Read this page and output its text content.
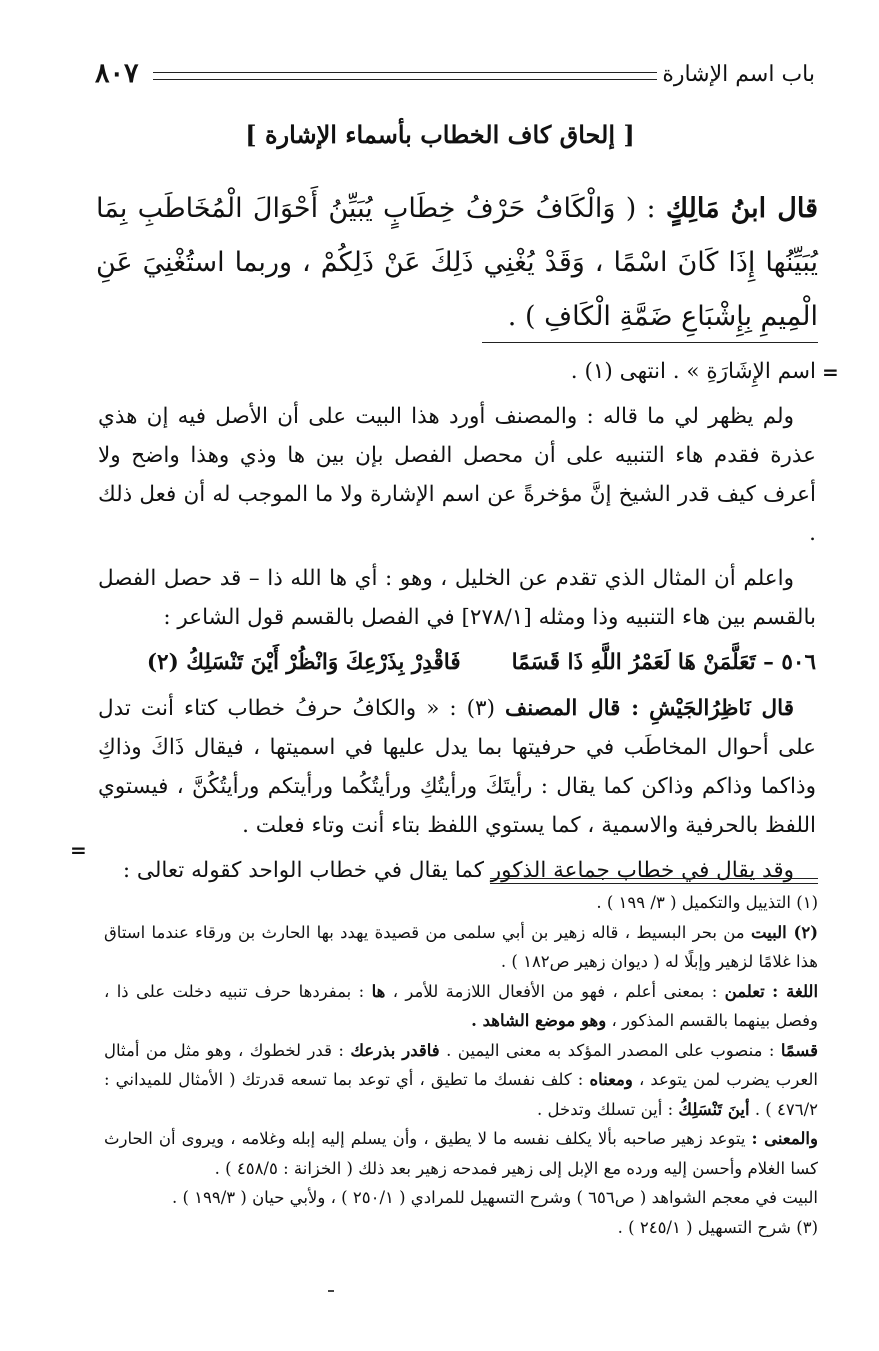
باب اسم الإشارة
٨٠٧
[ إلحاق كاف الخطاب بأسماء الإشارة ]
قال ابنُ مَالِكٍ : ( وَالْكَافُ حَرْفُ خِطَابٍ يُبَيِّنُ أَحْوَالَ الْمُخَاطَبِ بِمَا يُبَيِّنُها إِذَا كَانَ اسْمًا ، وَقَدْ يُغْنِي ذَلِكَ عَنْ ذَلِكُمْ ، وربما استُغْنِيَ عَنِ الْمِيمِ بِإِشْبَاعِ ضَمَّةِ الْكَافِ ) .
=

اسم الإِشَارَةِ » . انتهى (١) .

ولم يظهر لي ما قاله : والمصنف أورد هذا البيت على أن الأصل فيه إن هذي عذرة فقدم هاء التنبيه على أن محصل الفصل بإن بين ها وذي وهذا واضح ولا أعرف كيف قدر الشيخ إنَّ مؤخرةً عن اسم الإشارة ولا ما الموجب له أن فعل ذلك .

واعلم أن المثال الذي تقدم عن الخليل ، وهو : أي ها الله ذا – قد حصل الفصل بالقسم بين هاء التنبيه وذا ومثله [٢٧٨/١] في الفصل بالقسم قول الشاعر :

٥٠٦ – تَعَلَّمَنْ هَا لَعَمْرُ اللَّهِ ذَا قَسَمًا  فَاقْدِرْ بِذَرْعِكَ وَانْظُرْ أَيْنَ تَنْسَلِكُ (٢)

قال نَاظِرُالجَيْشِ : قال المصنف (٣) : « والكافُ حرفُ خطاب كتاء أنت تدل على أحوال المخاطَب في حرفيتها بما يدل عليها في اسميتها ، فيقال ذَاكَ وذاكِ وذاكما وذاكم وذاكن كما يقال : رأيتَكَ ورأيتُكِ ورأيتُكُما ورأيتكم ورأيتُكُنَّ ، فيستوي اللفظ بالحرفية والاسمية ، كما يستوي اللفظ بتاء أنت وتاء فعلت .

وقد يقال في خطاب جماعة الذكور كما يقال في خطاب الواحد كقوله تعالى :

=

(١) التذييل والتكميل ( ٣/ ١٩٩ ) .

(٢) البيت من بحر البسيط ، قاله زهير بن أبي سلمى من قصيدة يهدد بها الحارث بن ورقاء عندما استاق هذا غلامًا لزهير وإبلًا له ( ديوان زهير ص١٨٢ ) .

اللغة : تعلمن : بمعنى أعلم ، فهو من الأفعال اللازمة للأمر ، ها : بمفردها حرف تنبيه دخلت على ذا ، وفصل بينهما بالقسم المذكور ، وهو موضع الشاهد .

قسمًا : منصوب على المصدر المؤكد به معنى اليمين . فاقدر بذرعك : قدر لخطوك ، وهو مثل من أمثال العرب يضرب لمن يتوعد ، ومعناه : كلف نفسك ما تطيق ، أي توعد بما تسعه قدرتك ( الأمثال للميداني : ٤٧٦/٢ ) . أينَ تَنْسَلِكُ : أين تسلك وتدخل .

والمعنى : يتوعد زهير صاحبه بألا يكلف نفسه ما لا يطيق ، وأن يسلم إليه إبله وغلامه ، ويروى أن الحارث كسا الغلام وأحسن إليه ورده مع الإبل إلى زهير فمدحه زهير بعد ذلك ( الخزانة : ٤٥٨/٥ ) .

البيت في معجم الشواهد ( ص٦٥٦ ) وشرح التسهيل للمرادي ( ٢٥٠/١ ) ، ولأبي حيان ( ١٩٩/٣ ) .

(٣) شرح التسهيل ( ٢٤٥/١ ) .
